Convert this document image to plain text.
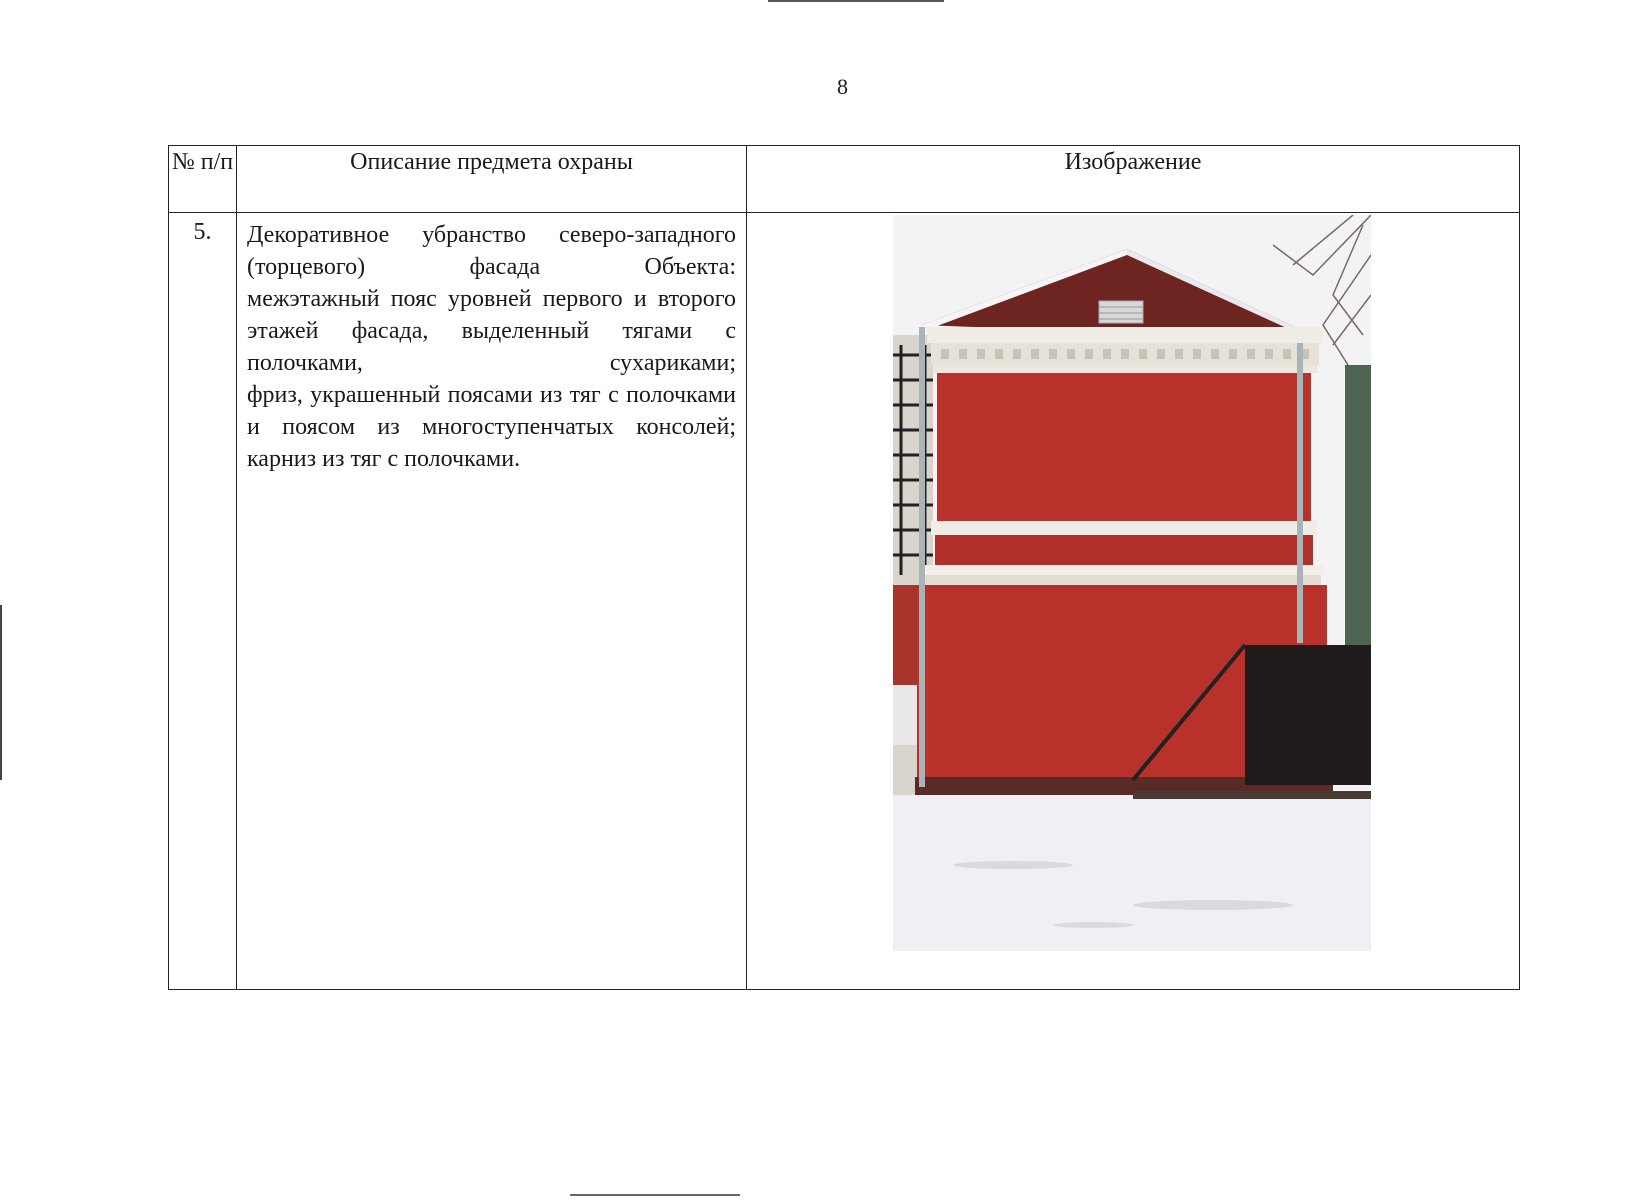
8
№ п/п	Описание предмета охраны	Изображение
5.	Декоративное убранство северо-западного (торцевого) фасада Объекта:

межэтажный пояс уровней первого и второго этажей фасада, выделенный тягами с полочками, сухариками;

фриз, украшенный поясами из тяг с полочками и поясом из многоступенчатых консолей;

карниз из тяг с полочками.
